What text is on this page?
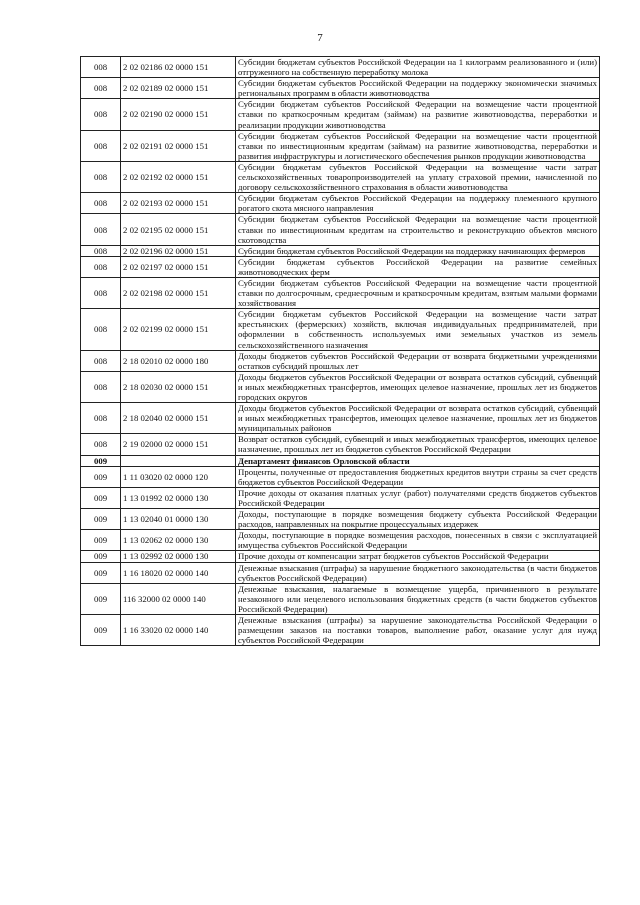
7
008	2 02 02186 02 0000 151	Субсидии бюджетам субъектов Российской Федерации на 1 килограмм реализованного и (или) отгруженного на собственную переработку молока
008	2 02 02189 02 0000 151	Субсидии бюджетам субъектов Российской Федерации на поддержку экономически значимых региональных программ в области животноводства
008	2 02 02190 02 0000 151	Субсидии бюджетам субъектов Российской Федерации на возмещение части процентной ставки по краткосрочным кредитам (займам) на развитие животноводства, переработки и реализации продукции животноводства
008	2 02 02191 02 0000 151	Субсидии бюджетам субъектов Российской Федерации на возмещение части процентной ставки по инвестиционным кредитам (займам) на развитие животноводства, переработки и развития инфраструктуры и логистического обеспечения рынков продукции животноводства
008	2 02 02192 02 0000 151	Субсидии бюджетам субъектов Российской Федерации на возмещение части затрат сельскохозяйственных товаропроизводителей на уплату страховой премии, начисленной по договору сельскохозяйственного страхования в области животноводства
008	2 02 02193 02 0000 151	Субсидии бюджетам субъектов Российской Федерации на поддержку племенного крупного рогатого скота мясного направления
008	2 02 02195 02 0000 151	Субсидии бюджетам субъектов Российской Федерации на возмещение части процентной ставки по инвестиционным кредитам на строительство и реконструкцию объектов мясного скотоводства
008	2 02 02196 02 0000 151	Субсидии бюджетам субъектов Российской Федерации на поддержку начинающих фермеров
008	2 02 02197 02 0000 151	Субсидии бюджетам субъектов Российской Федерации на развитие семейных животноводческих ферм
008	2 02 02198 02 0000 151	Субсидии бюджетам субъектов Российской Федерации на возмещение части процентной ставки по долгосрочным, среднесрочным и краткосрочным кредитам, взятым малыми формами хозяйствования
008	2 02 02199 02 0000 151	Субсидии бюджетам субъектов Российской Федерации на возмещение части затрат крестьянских (фермерских) хозяйств, включая индивидуальных предпринимателей, при оформлении в собственность используемых ими земельных участков из земель сельскохозяйственного назначения
008	2 18 02010 02 0000 180	Доходы бюджетов субъектов Российской Федерации от возврата бюджетными учреждениями остатков субсидий прошлых лет
008	2 18 02030 02 0000 151	Доходы бюджетов субъектов Российской Федерации от возврата остатков субсидий, субвенций и иных межбюджетных трансфертов, имеющих целевое назначение, прошлых лет из бюджетов городских округов
008	2 18 02040 02 0000 151	Доходы бюджетов субъектов Российской Федерации от возврата остатков субсидий, субвенций и иных межбюджетных трансфертов, имеющих целевое назначение, прошлых лет из бюджетов муниципальных районов
008	2 19 02000 02 0000 151	Возврат остатков субсидий, субвенций и иных межбюджетных трансфертов, имеющих целевое назначение, прошлых лет из бюджетов субъектов Российской Федерации
009		Департамент финансов Орловской области
009	1 11 03020 02 0000 120	Проценты, полученные от предоставления бюджетных кредитов внутри страны за счет средств бюджетов субъектов Российской Федерации
009	1 13 01992 02 0000 130	Прочие доходы от оказания платных услуг (работ) получателями средств бюджетов субъектов Российской Федерации
009	1 13 02040 01 0000 130	Доходы, поступающие в порядке возмещения бюджету субъекта Российской Федерации расходов, направленных на покрытие процессуальных издержек
009	1 13 02062 02 0000 130	Доходы, поступающие в порядке возмещения расходов, понесенных в связи с эксплуатацией имущества субъектов Российской Федерации
009	1 13 02992 02 0000 130	Прочие доходы от компенсации затрат бюджетов субъектов Российской Федерации
009	1 16 18020 02 0000 140	Денежные взыскания (штрафы) за нарушение бюджетного законодательства (в части бюджетов субъектов Российской Федерации)
009	116 32000 02 0000 140	Денежные взыскания, налагаемые в возмещение ущерба, причиненного в результате незаконного или нецелевого использования бюджетных средств (в части бюджетов субъектов Российской Федерации)
009	1 16 33020 02 0000 140	Денежные взыскания (штрафы) за нарушение законодательства Российской Федерации о размещении заказов на поставки товаров, выполнение работ, оказание услуг для нужд субъектов Российской Федерации
